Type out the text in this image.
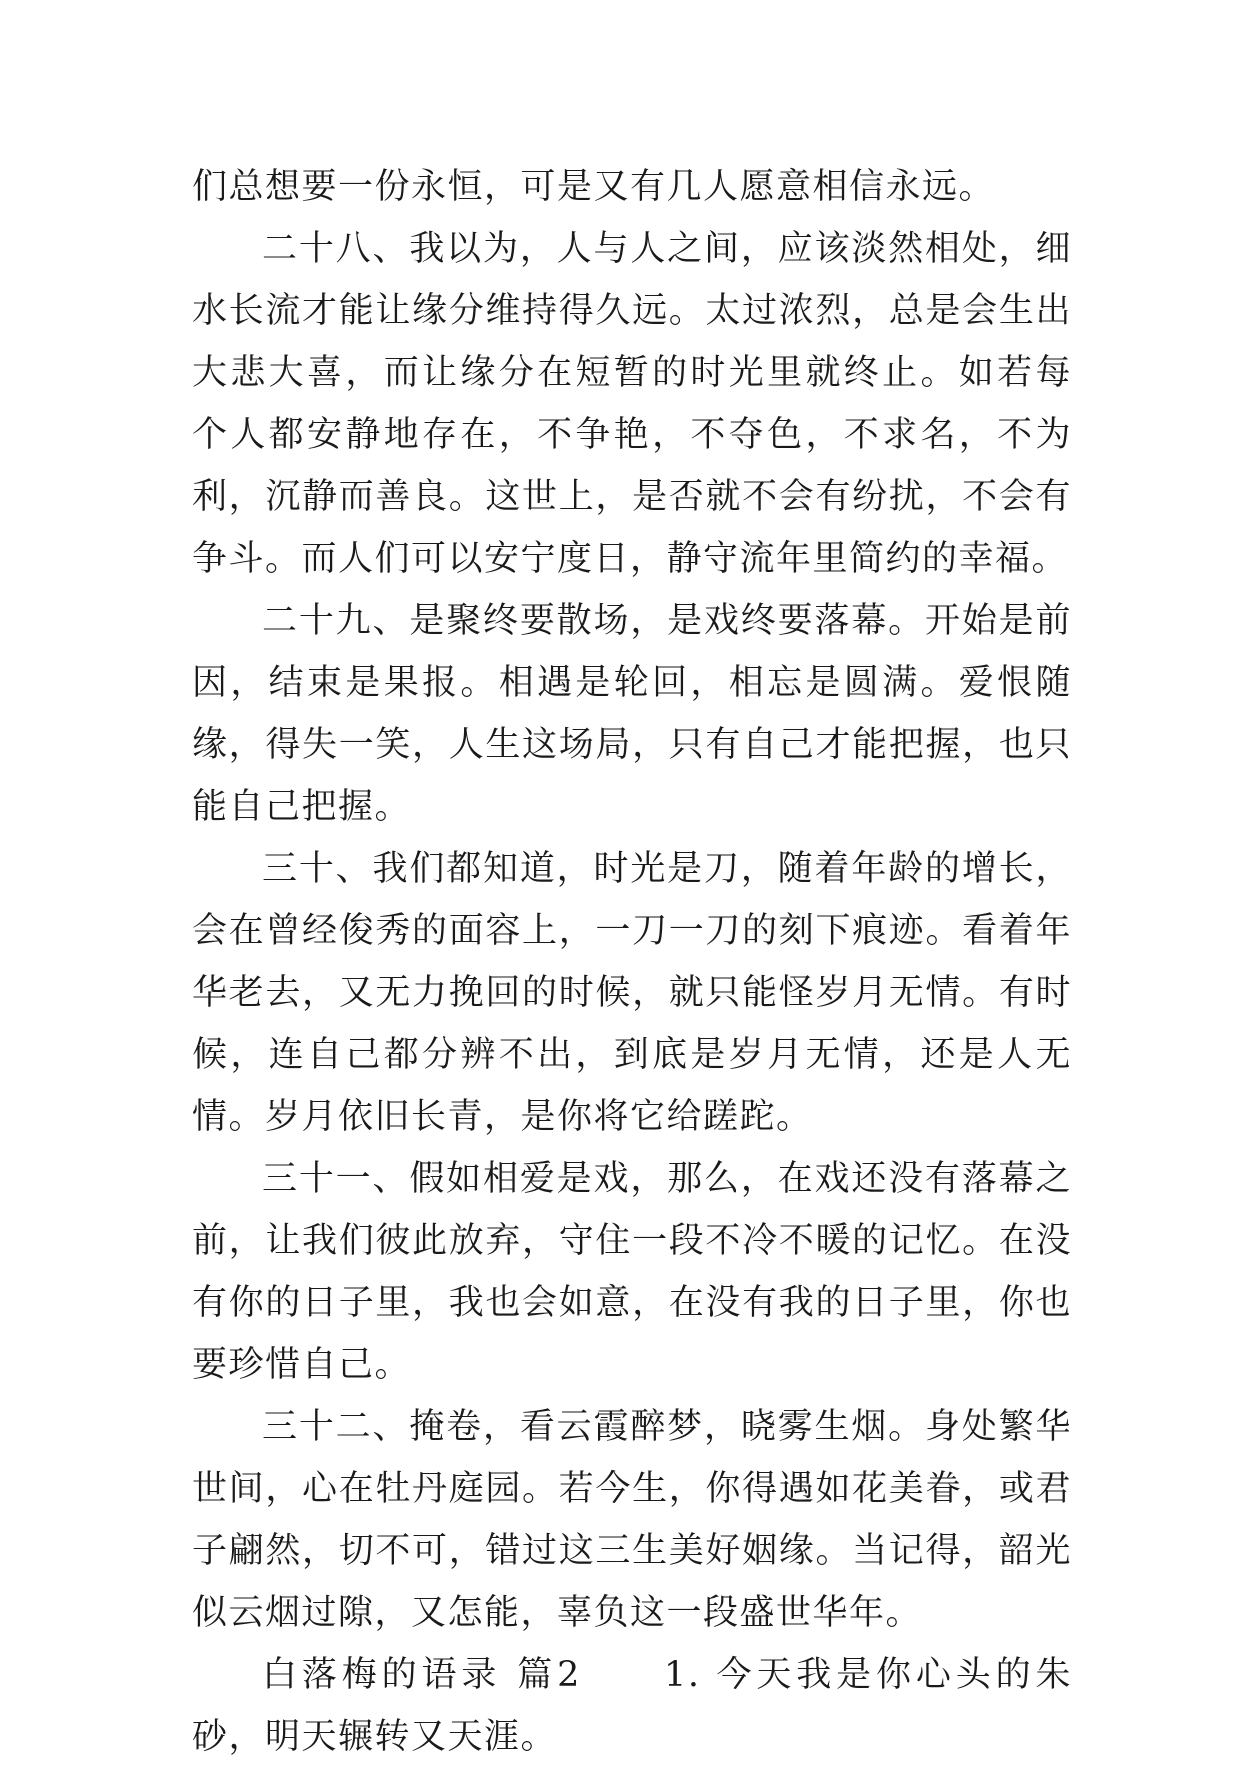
们总想要一份永恒，可是又有几人愿意相信永远。

二十八、我以为，人与人之间，应该淡然相处，细水长流才能让缘分维持得久远。太过浓烈，总是会生出大悲大喜，而让缘分在短暂的时光里就终止。如若每 个人都安静地存在，不争艳，不夺色，不求名，不为利，沉静而善良。这世上，是否就不会有纷扰，不会有争斗。而人们可以安宁度日，静守流年里简约的幸福。

二十九、是聚终要散场，是戏终要落幕。开始是前因，结束是果报。相遇是轮回，相忘是圆满。爱恨随缘，得失一笑，人生这场局，只有自己才能把握，也只能自己把握。

三十、我们都知道，时光是刀，随着年龄的增长，会在曾经俊秀的面容上，一刀一刀的刻下痕迹。看着年华老去，又无力挽回的时候，就只能怪岁月无情。有时候，连自己都分辨不出，到底是岁月无情，还是人无情。岁月依旧长青，是你将它给蹉跎。

三十一、假如相爱是戏，那么，在戏还没有落幕之前，让我们彼此放弃，守住一段不冷不暖的记忆。在没有你的日子里，我也会如意，在没有我的日子里，你也要珍惜自己。

三十二、掩卷，看云霞醉梦，晓雾生烟。身处繁华世间，心在牡丹庭园。若今生，你得遇如花美眷，或君子翩然，切不可，错过这三生美好姻缘。当记得，韶光似云烟过隙，又怎能，辜负这一段盛世华年。

白落梅的语录 篇2　　1. 今天我是你心头的朱砂，明天辗转又天涯。
